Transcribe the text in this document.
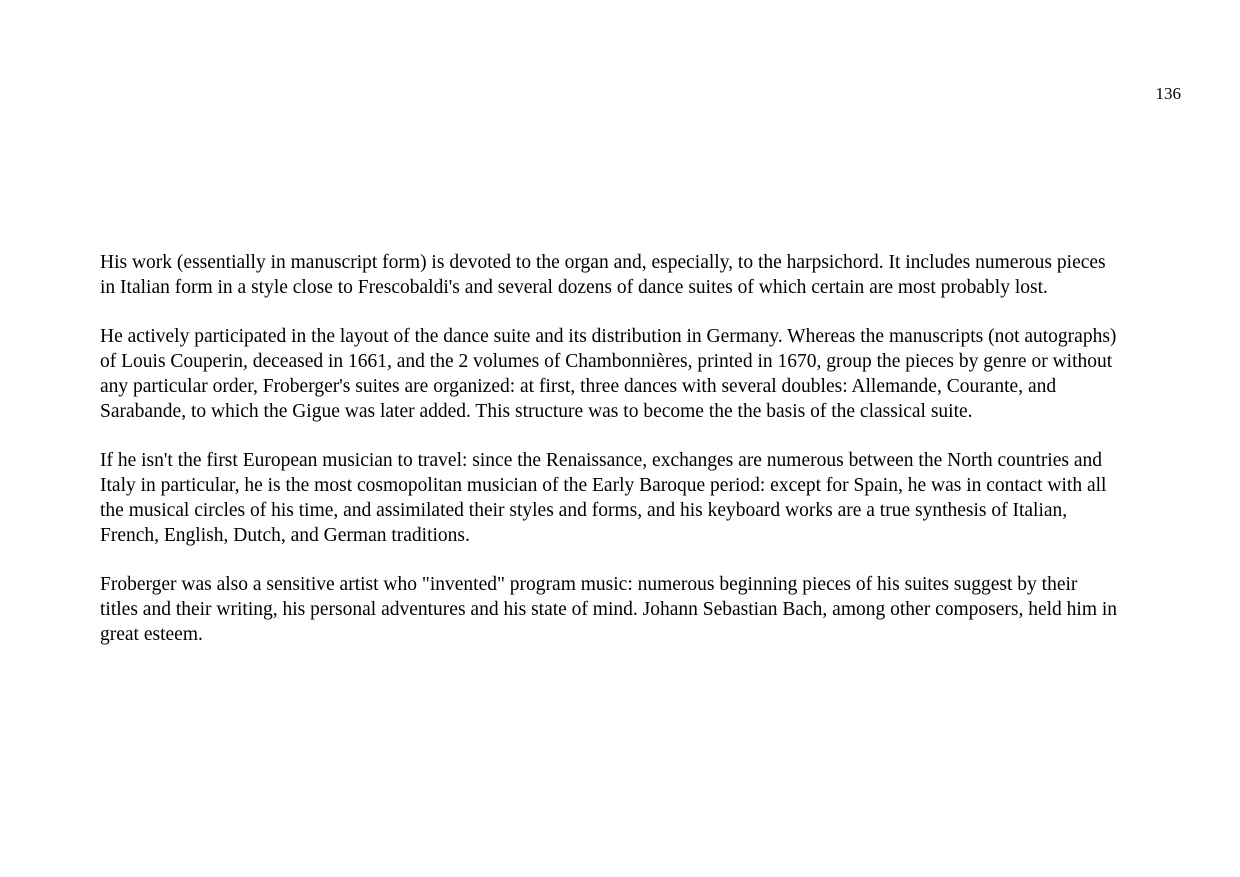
136

His work (essentially in manuscript form) is devoted to the organ and, especially, to the harpsichord. It includes numerous pieces in Italian form in a style close to Frescobaldi's and several dozens of dance suites of which certain are most probably lost.

He actively participated in the layout of the dance suite and its distribution in Germany. Whereas the manuscripts (not autographs) of Louis Couperin, deceased in 1661, and the 2 volumes of Chambonnières, printed in 1670, group the pieces by genre or without any particular order, Froberger's suites are organized: at first, three dances with several doubles: Allemande, Courante, and Sarabande, to which the Gigue was later added. This structure was to become the the basis of the classical suite.

If he isn't the first European musician to travel: since the Renaissance, exchanges are numerous between the North countries and Italy in particular, he is the most cosmopolitan musician of the Early Baroque period: except for Spain, he was in contact with all the musical circles of his time, and assimilated their styles and forms, and his keyboard works are a true synthesis of Italian, French, English, Dutch, and German traditions.

Froberger was also a sensitive artist who "invented" program music: numerous beginning pieces of his suites suggest by their titles and their writing, his personal adventures and his state of mind. Johann Sebastian Bach, among other composers, held him in great esteem.
